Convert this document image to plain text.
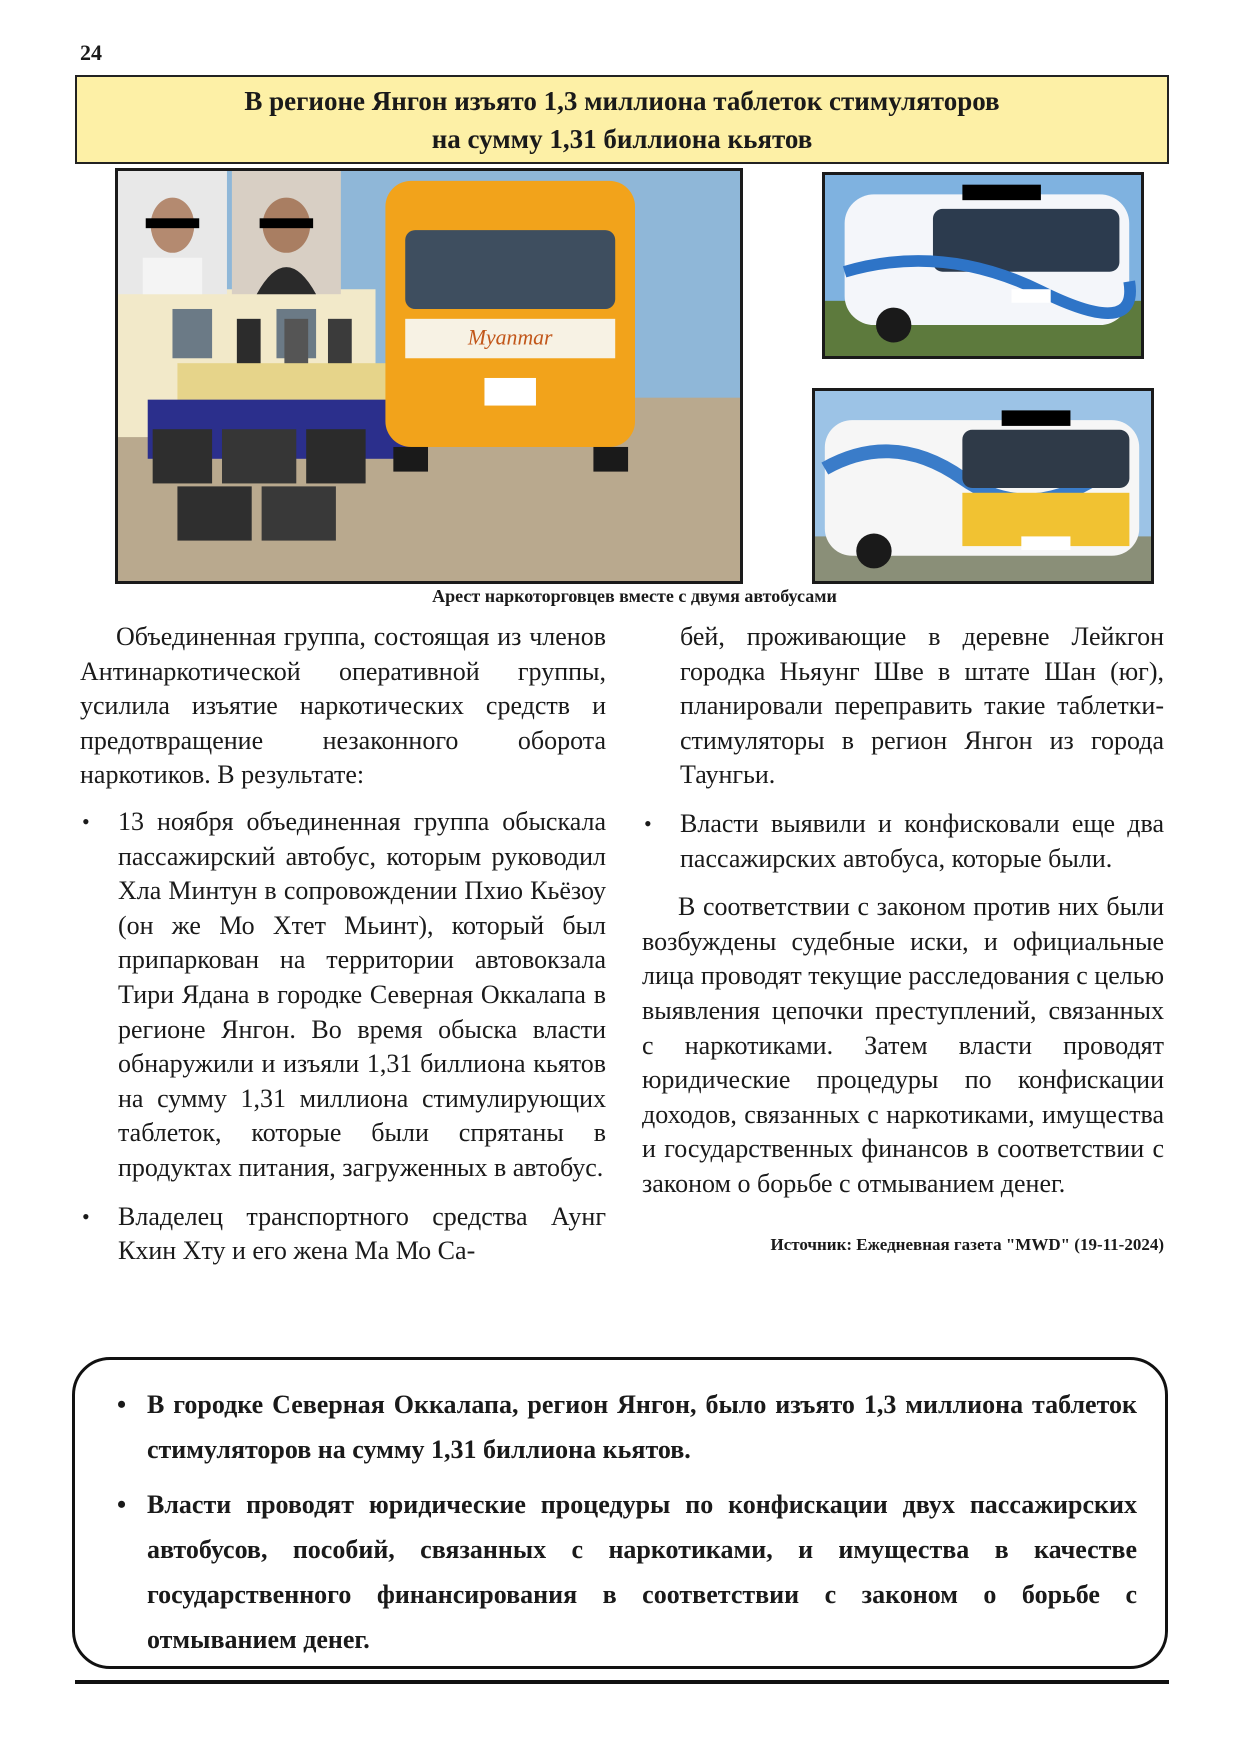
24
В регионе Янгон изъято 1,3 миллиона таблеток стимуляторов
на сумму 1,31 биллиона кьятов
Myanmar
Арест наркоторговцев вместе с двумя автобусами

Объединенная группа, состоящая из членов Антинаркотической оперативной группы, усилила изъятие наркотических средств и предотвращение незаконного оборота наркотиков. В результате:

• 13 ноября объединенная группа обыскала пассажирский автобус, которым руководил Хла Минтун в сопровождении Пхио Кьёзоу (он же Мо Хтет Мьинт), который был припаркован на территории автовокзала Тири Ядана в городке Северная Оккалапа в регионе Янгон. Во время обыска власти обнаружили и изъяли 1,31 биллиона кьятов на сумму 1,31 миллиона стимулирующих таблеток, которые были спрятаны в продуктах питания, загруженных в автобус.
• Владелец транспортного средства Аунг Кхин Хту и его жена Ма Мо Са-

бей, проживающие в деревне Лейкгон городка Ньяунг Шве в штате Шан (юг), планировали переправить такие таблетки-стимуляторы в регион Янгон из города Таунгьи.

• Власти выявили и конфисковали еще два пассажирских автобуса, которые были.

В соответствии с законом против них были возбуждены судебные иски, и официальные лица проводят текущие расследования с целью выявления цепочки преступлений, связанных с наркотиками. Затем власти проводят юридические процедуры по конфискации доходов, связанных с наркотиками, имущества и государственных финансов в соответствии с законом о борьбе с отмыванием денег.

Источник: Ежедневная газета "MWD" (19-11-2024)

• В городке Северная Оккалапа, регион Янгон, было изъято 1,3 миллиона таблеток стимуляторов на сумму 1,31 биллиона кьятов.
• Власти проводят юридические процедуры по конфискации двух пассажирских автобусов, пособий, связанных с наркотиками, и имущества в качестве государственного финансирования в соответствии с законом о борьбе с отмыванием денег.
